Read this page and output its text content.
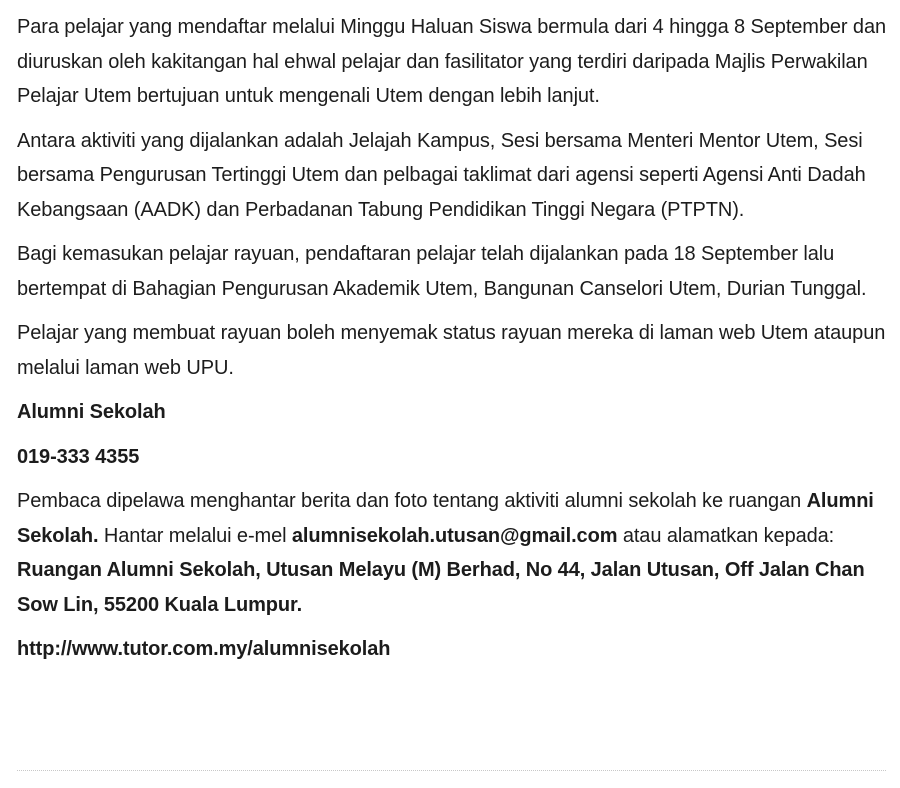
Para pelajar yang mendaftar melalui Minggu Haluan Siswa bermula dari 4 hingga 8 September dan diuruskan oleh kakitangan hal ehwal pelajar dan fasilitator yang terdiri daripada Majlis Perwakilan Pelajar Utem bertujuan untuk mengenali Utem dengan lebih lanjut.

Antara aktiviti yang dijalankan adalah Jelajah Kampus, Sesi bersama Menteri Mentor Utem, Sesi bersama Pengurusan Tertinggi Utem dan pelbagai taklimat dari agensi seperti Agensi Anti Dadah Kebangsaan (AADK) dan Perbadanan Tabung Pendidikan Tinggi Negara (PTPTN).

Bagi kemasukan pelajar rayuan, pendaftaran pelajar telah dijalankan pada 18 September lalu bertempat di Bahagian Pengurusan Akademik Utem, Bangunan Canselori Utem, Durian Tunggal.

Pelajar yang membuat rayuan boleh menyemak status rayuan mereka di laman web Utem ataupun melalui laman web UPU.

Alumni Sekolah

019-333 4355

Pembaca dipelawa menghantar berita dan foto tentang aktiviti alumni sekolah ke ruangan Alumni Sekolah. Hantar melalui e-mel alumnisekolah.utusan@gmail.com atau alamatkan kepada: Ruangan Alumni Sekolah, Utusan Melayu (M) Berhad, No 44, Jalan Utusan, Off Jalan Chan Sow Lin, 55200 Kuala Lumpur.

http://www.tutor.com.my/alumnisekolah
